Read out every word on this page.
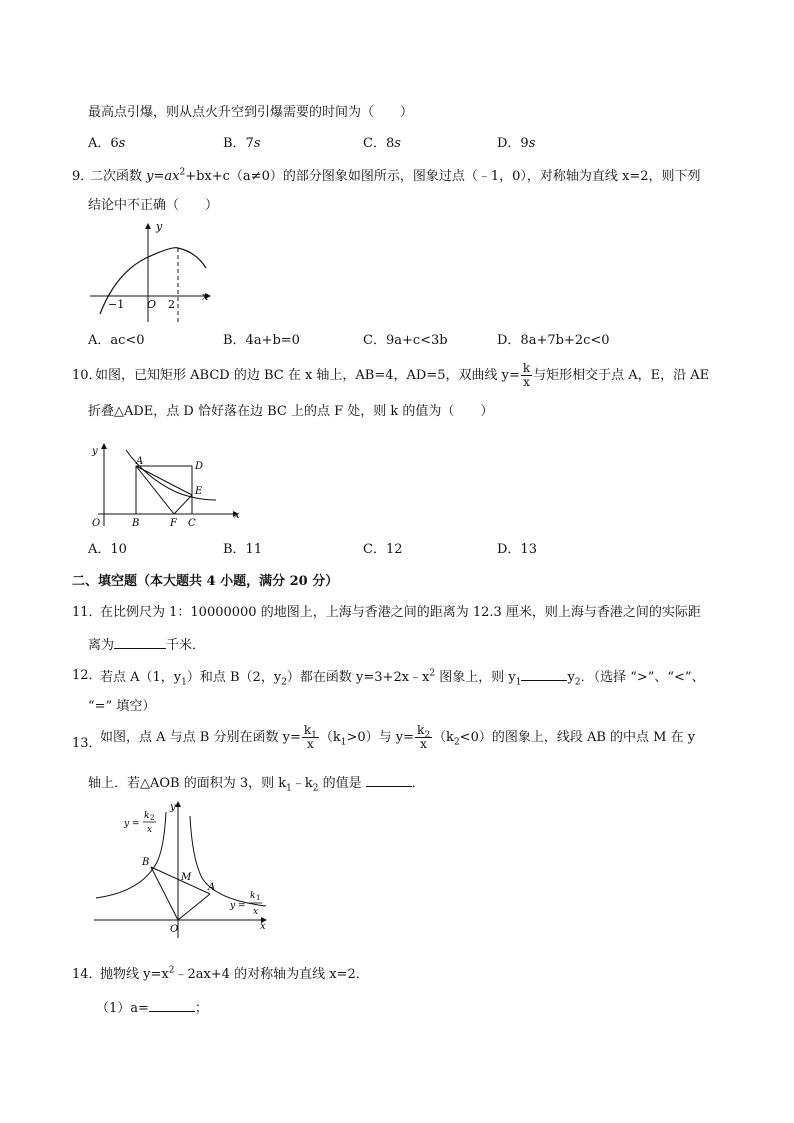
最高点引爆，则从点火升空到引爆需要的时间为（　　）
A．6s	B．7s	C．8s	D．9s
9．
二次函数 $y=ax^2+bx+c(a\ne 0)$的部分图象如图所示，图象过点（﹣1，0），对称轴为直线 x=2，则下列
结论中不正确（　　）
y
x
O
−1	2
A．ac<0	B．4a+b=0	C．9a+c<3b	D．8a+7b+2c<0
10．
如图，已知矩形 ABCD 的边 BC 在 x 轴上，AB=4，AD=5，双曲线 $y= \frac{k}{x}$ 与矩形相交于点 A，E，沿 AE
折叠△ADE，点 D 恰好落在边 BC 上的点 F 处，则 k 的值为（　　）
y
x
O
A
B	C
D
E
F
A．10	B．11	C．12	D．13
二、填空题（本大题共 4 小题，满分 20 分）
11．
在比例尺为 1：10000000 的地图上，上海与香港之间的距离为 12.3 厘米，则上海与香港之间的实际距
离为	千米．
12．
若点 A（1，$y_1$）和点 B（2，$y_2$）都在函数 $y=3+2x﹣x^2$ 图象上，则 $y_1$	$y_2$．（选择 “>”、“<”、
“=” 填空）
13．
如图，点 A 与点 B 分别在函数 $y= \frac{k_1}{x} (k_1>0)$与 $y= \frac{k_2}{x} (k_2<0)$的图象上，线段 AB 的中点 M 在 y
轴上．若△AOB 的面积为 3，则 $k_1﹣k_2$ 的值是	．
y
x
O
A
B
M
y =
k 2
x
y =
k 1
x
14．
抛物线 $y=x^2﹣2ax+4$ 的对称轴为直线 x=2．
（1）a=	；
